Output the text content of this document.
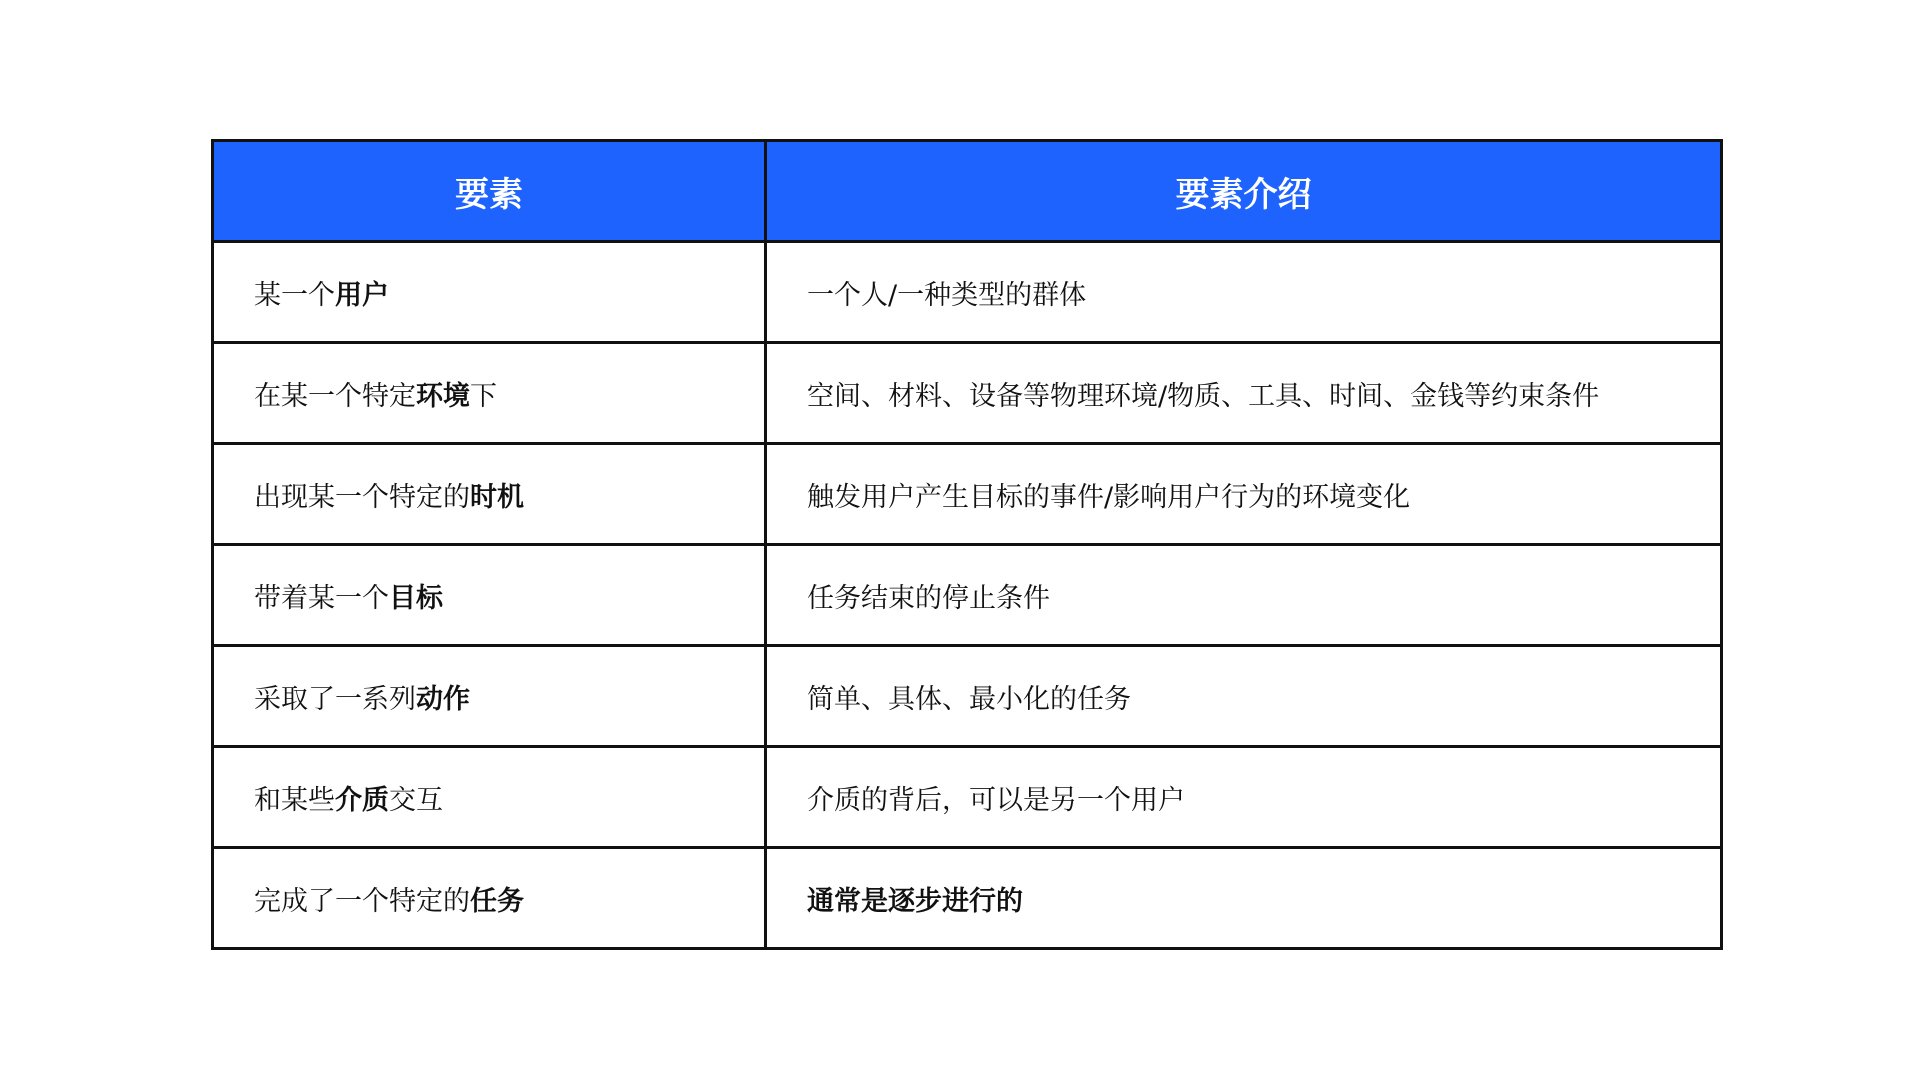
要素	要素介绍
某一个用户	一个人/一种类型的群体
在某一个特定环境下	空间、材料、设备等物理环境/物质、工具、时间、金钱等约束条件
出现某一个特定的时机	触发用户产生目标的事件/影响用户行为的环境变化
带着某一个目标	任务结束的停止条件
采取了一系列动作	简单、具体、最小化的任务
和某些介质交互	介质的背后，可以是另一个用户
完成了一个特定的任务	通常是逐步进行的
